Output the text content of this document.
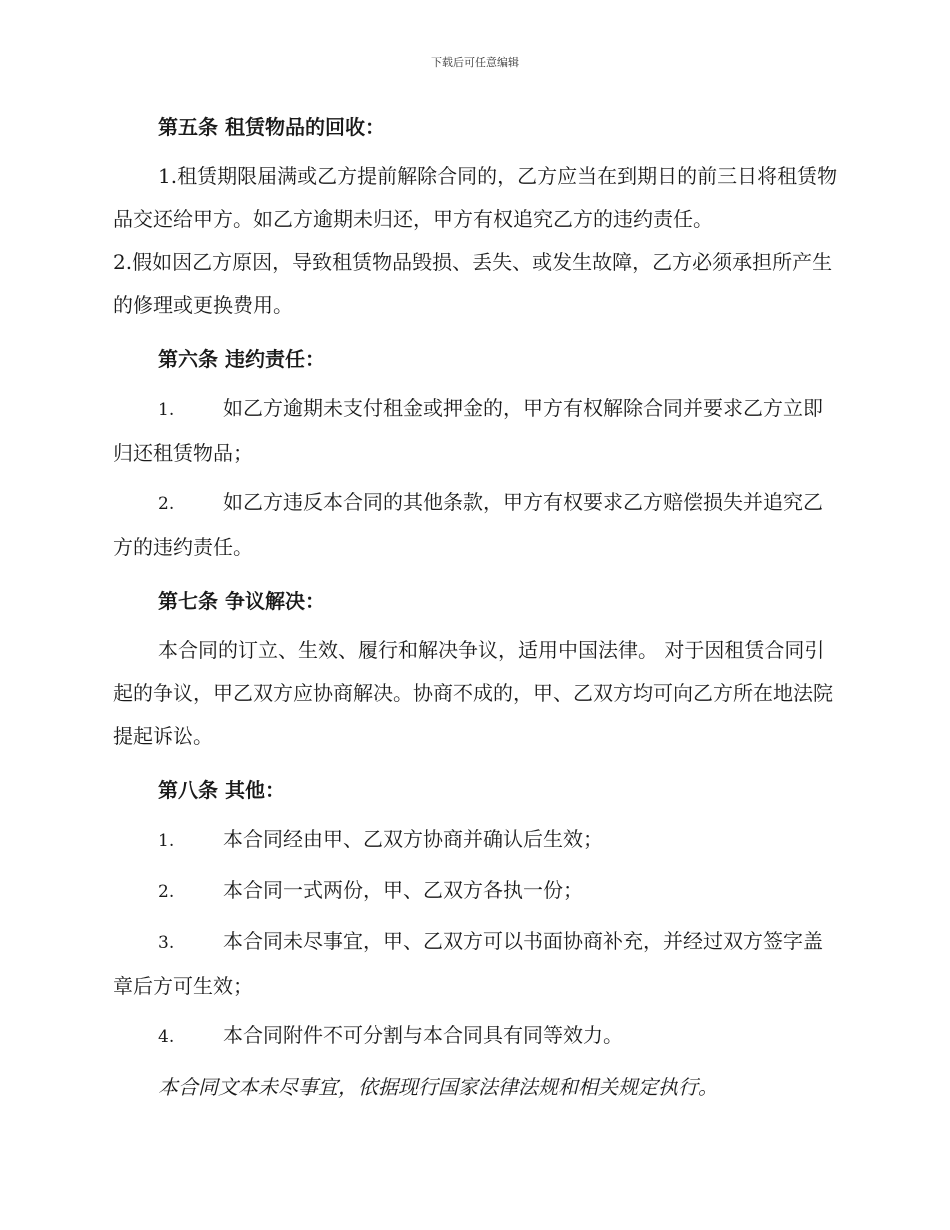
下载后可任意编辑

第五条 租赁物品的回收：

1.租赁期限届满或乙方提前解除合同的，乙方应当在到期日的前三日将租赁物品交还给甲方。如乙方逾期未归还，甲方有权追究乙方的违约责任。

2.假如因乙方原因，导致租赁物品毁损、丢失、或发生故障，乙方必须承担所产生的修理或更换费用。

第六条 违约责任：

1. 如乙方逾期未支付租金或押金的，甲方有权解除合同并要求乙方立即归还租赁物品；

2. 如乙方违反本合同的其他条款，甲方有权要求乙方赔偿损失并追究乙方的违约责任。

第七条 争议解决：

本合同的订立、生效、履行和解决争议，适用中国法律。 对于因租赁合同引起的争议，甲乙双方应协商解决。协商不成的，甲、乙双方均可向乙方所在地法院提起诉讼。

第八条 其他：

1. 本合同经由甲、乙双方协商并确认后生效；

2. 本合同一式两份，甲、乙双方各执一份；

3. 本合同未尽事宜，甲、乙双方可以书面协商补充，并经过双方签字盖章后方可生效；

4. 本合同附件不可分割与本合同具有同等效力。

本合同文本未尽事宜，依据现行国家法律法规和相关规定执行。
